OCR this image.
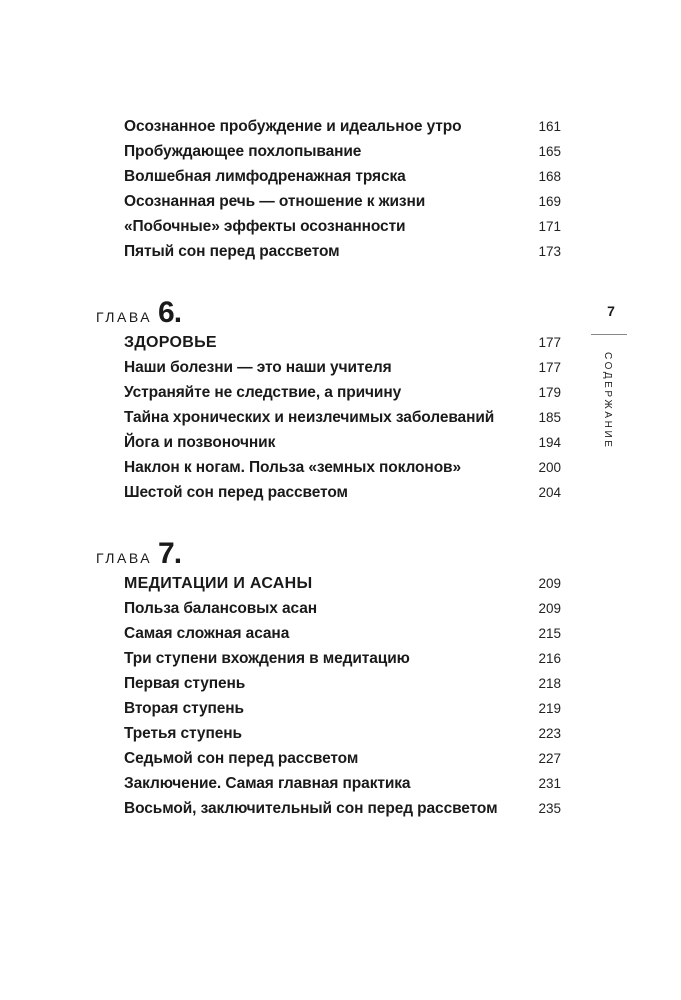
Осознанное пробуждение и идеальное утро	161
Пробуждающее похлопывание	165
Волшебная лимфодренажная тряска	168
Осознанная речь — отношение к жизни	169
«Побочные» эффекты осознанности	171
Пятый сон перед рассветом	173
ГЛАВА 6.
ЗДОРОВЬЕ	177
Наши болезни — это наши учителя	177
Устраняйте не следствие, а причину	179
Тайна хронических и неизлечимых заболеваний	185
Йога и позвоночник	194
Наклон к ногам. Польза «земных поклонов»	200
Шестой сон перед рассветом	204
ГЛАВА 7.
МЕДИТАЦИИ И АСАНЫ	209
Польза балансовых асан	209
Самая сложная асана	215
Три ступени вхождения в медитацию	216
Первая ступень	218
Вторая ступень	219
Третья ступень	223
Седьмой сон перед рассветом	227
Заключение. Самая главная практика	231
Восьмой, заключительный сон перед рассветом	235
7
СОДЕРЖАНИЕ
